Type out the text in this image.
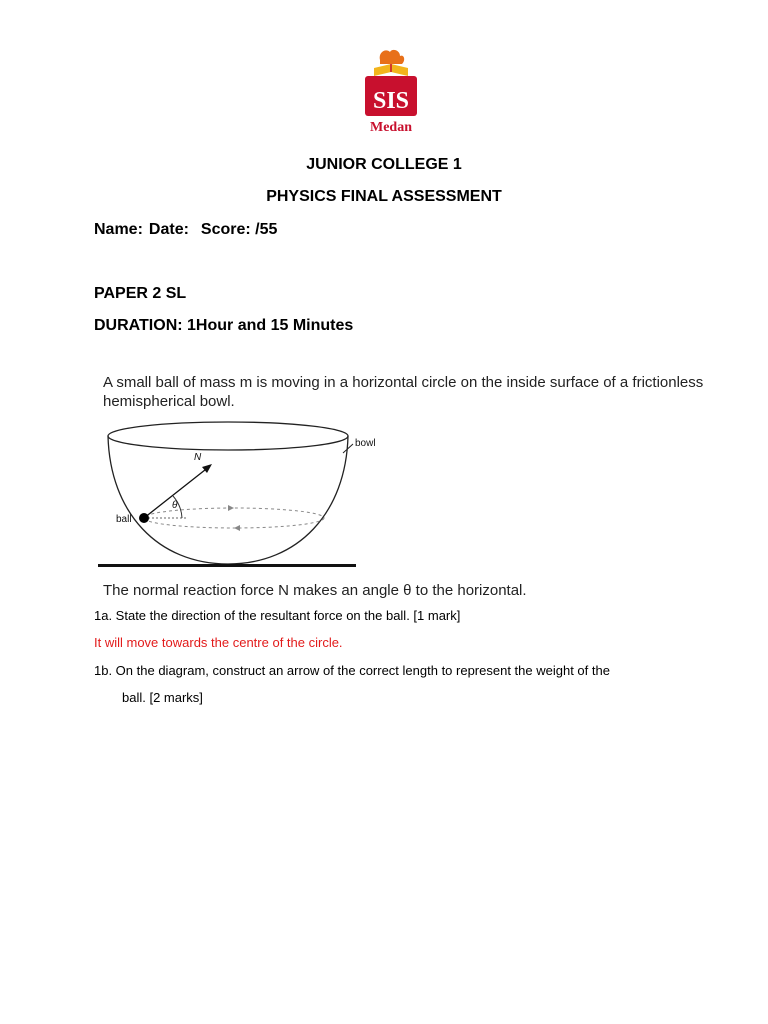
SIS
Medan
JUNIOR COLLEGE 1
PHYSICS FINAL ASSESSMENT
Name: Date: Score: /55
PAPER 2 SL
DURATION: 1Hour and 15 Minutes
A small ball of mass m is moving in a horizontal circle on the inside surface of a frictionless
hemispherical bowl.
bowl
N
θ
ball
The normal reaction force N makes an angle θ to the horizontal.
1a. State the direction of the resultant force on the ball. [1 mark]
It will move towards the centre of the circle.
1b. On the diagram, construct an arrow of the correct length to represent the weight of the
ball. [2 marks]
